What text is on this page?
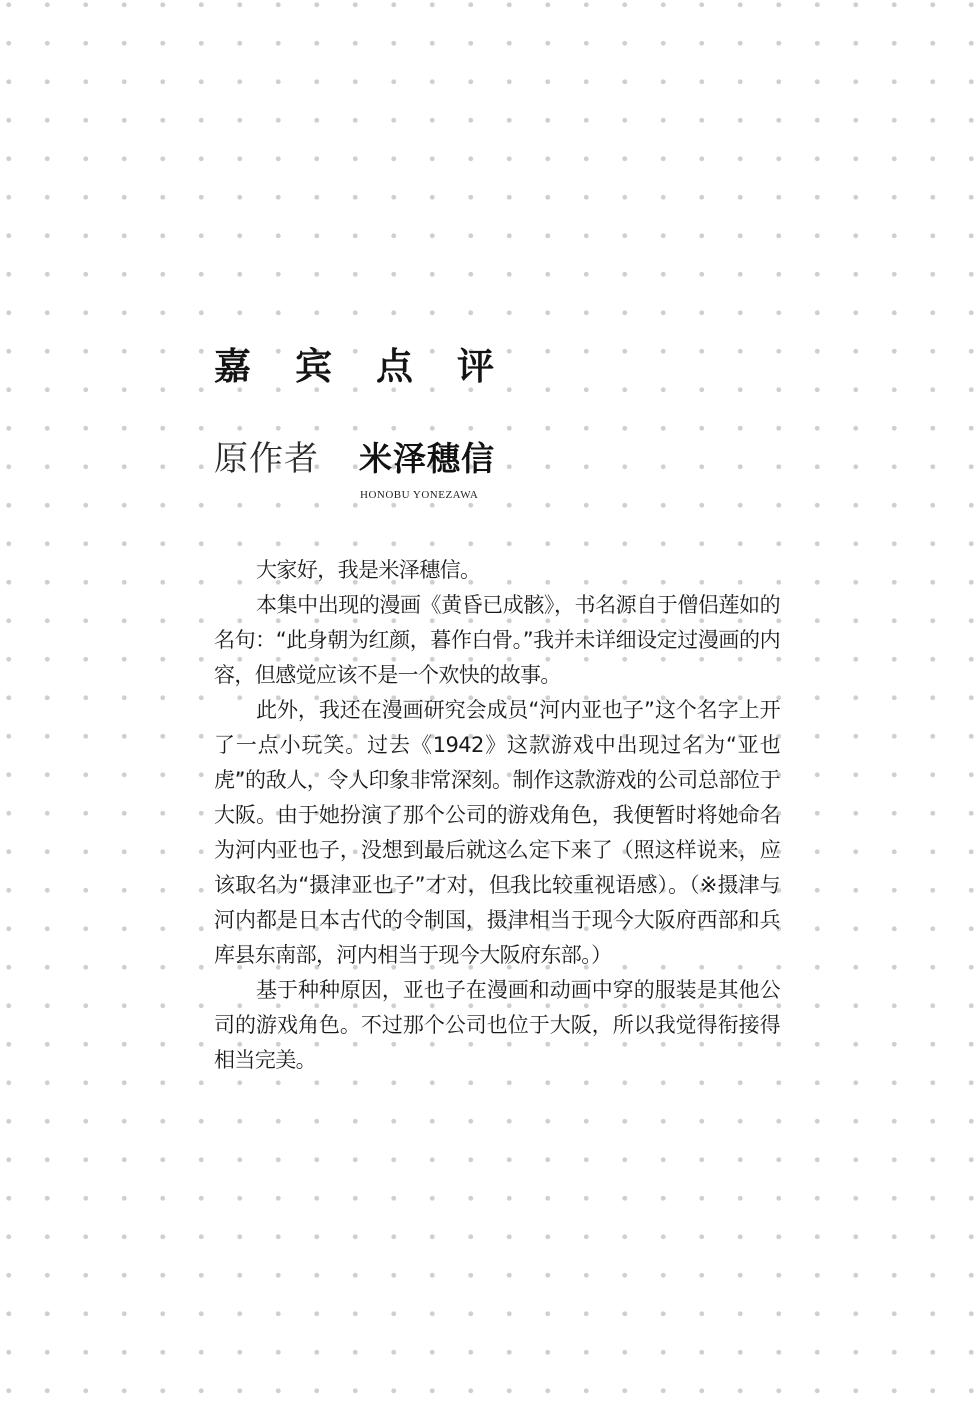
嘉宾点评
原作者 米泽穗信
HONOBU YONEZAWA

大家好，我是米泽穗信。

本集中出现的漫画《黄昏已成骸》，书名源自于僧侣莲如的名句：“此身朝为红颜，暮作白骨。”我并未详细设定过漫画的内容，但感觉应该不是一个欢快的故事。

此外，我还在漫画研究会成员“河内亚也子”这个名字上开了一点小玩笑。过去《1942》这款游戏中出现过名为“亚也虎”的敌人，令人印象非常深刻。制作这款游戏的公司总部位于大阪。由于她扮演了那个公司的游戏角色，我便暂时将她命名为河内亚也子，没想到最后就这么定下来了（照这样说来，应该取名为“摄津亚也子”才对，但我比较重视语感）。（※摄津与河内都是日本古代的令制国，摄津相当于现今大阪府西部和兵库县东南部，河内相当于现今大阪府东部。）

基于种种原因，亚也子在漫画和动画中穿的服装是其他公司的游戏角色。不过那个公司也位于大阪，所以我觉得衔接得相当完美。
